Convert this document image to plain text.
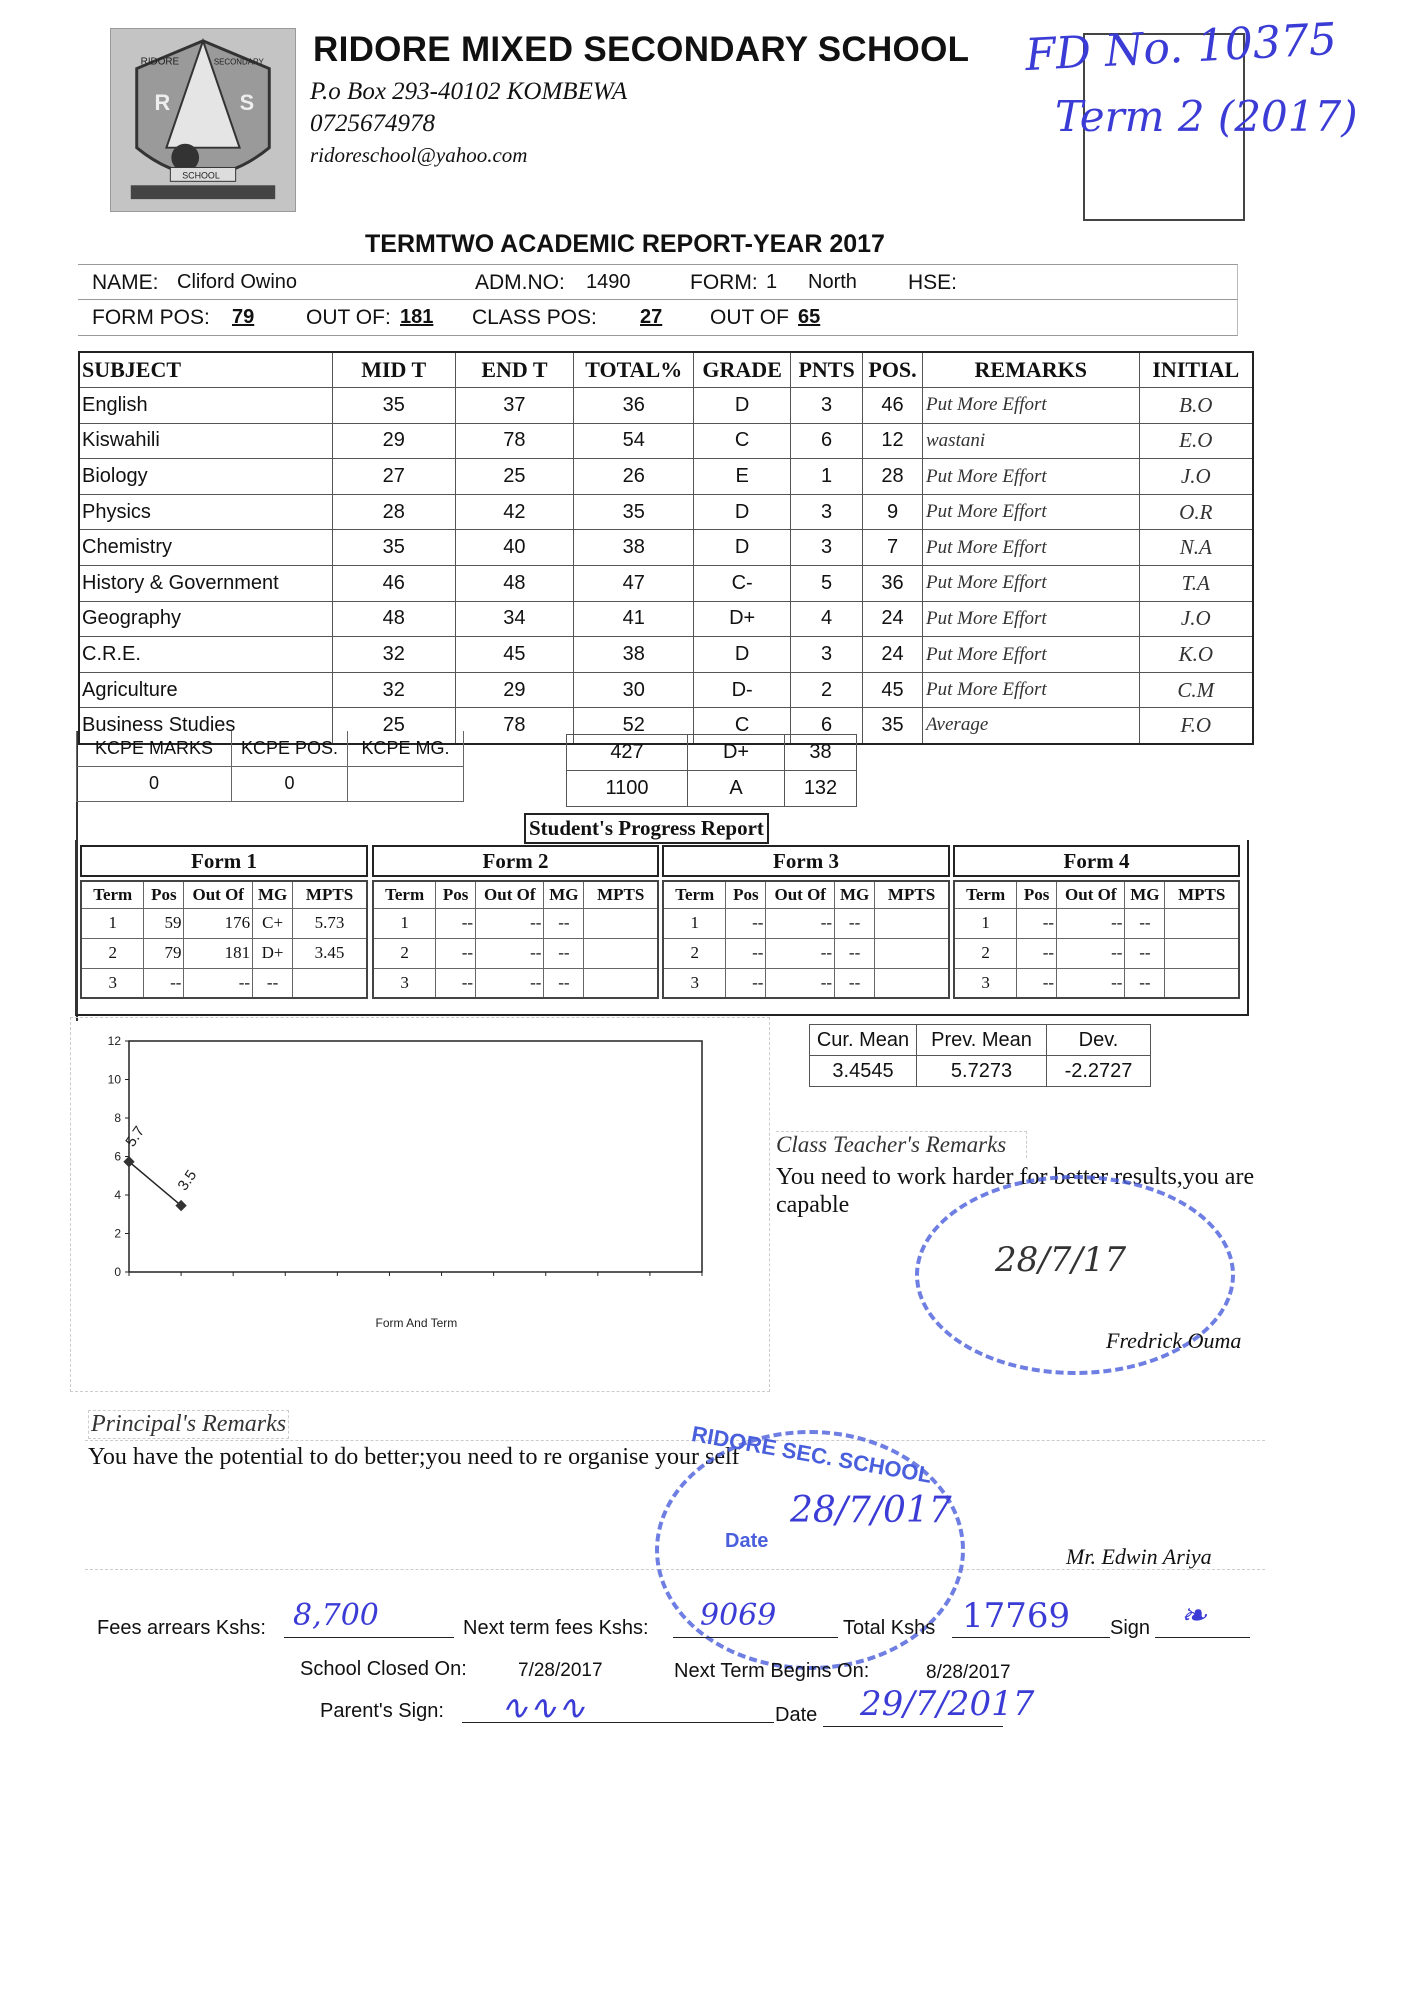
R	S
RIDORE	SECONDARY
SCHOOL
RIDORE MIXED SECONDARY SCHOOL
P.o Box 293-40102 KOMBEWA
0725674978
ridoreschool@yahoo.com
FD No. 10375
Term 2 (2017)
TERMTWO ACADEMIC REPORT-YEAR 2017
NAME: Cliford Owino	ADM.NO: 1490	FORM: 1 North HSE:
FORM POS: 79 OUT OF: 181 CLASS POS: 27 OUT OF 65
SUBJECT	MID T	END T	TOTAL%	GRADE	PNTS	POS.	REMARKS	INITIAL
English	35	37	36	D	3	46	Put More Effort	B.O
Kiswahili	29	78	54	C	6	12	wastani	E.O
Biology	27	25	26	E	1	28	Put More Effort	J.O
Physics	28	42	35	D	3	9	Put More Effort	O.R
Chemistry	35	40	38	D	3	7	Put More Effort	N.A
History & Government	46	48	47	C-	5	36	Put More Effort	T.A
Geography	48	34	41	D+	4	24	Put More Effort	J.O
C.R.E.	32	45	38	D	3	24	Put More Effort	K.O
Agriculture	32	29	30	D-	2	45	Put More Effort	C.M
Business Studies	25	78	52	C	6	35	Average	F.O
KCPE MARKS	KCPE POS.	KCPE MG.
0	0	
427	D+	38
1100	A	132
Student's Progress Report
Form 1
Term	Pos	Out Of	MG	MPTS
1	59	176	C+	5.73
2	79	181	D+	3.45
3	--	--	--	
Form 2
Term	Pos	Out Of	MG	MPTS
1	--	--	--	
2	--	--	--	
3	--	--	--	
Form 3
Term	Pos	Out Of	MG	MPTS
1	--	--	--	
2	--	--	--	
3	--	--	--	
Form 4
Term	Pos	Out Of	MG	MPTS
1	--	--	--	
2	--	--	--	
3	--	--	--	
0
2
4
6
8
10
12
Form And Term
5.7
3.5
Cur. Mean	Prev. Mean	Dev.
3.4545	5.7273	-2.2727
Class Teacher's Remarks
You need to work harder for better results,you are capable
28/7/17
Fredrick Ouma
Principal's Remarks
You have the potential to do better;you need to re organise your self
RIDORE SEC. SCHOOL
Date
28/7/017
Mr. Edwin Ariya
Fees arrears Kshs: 8,700	Next term fees Kshs: 9069	Total Kshs 17769 Sign ❧
School Closed On:	7/28/2017	Next Term Begins On:	8/28/2017
Parent's Sign: ∿∿∿	Date 29/7/2017
